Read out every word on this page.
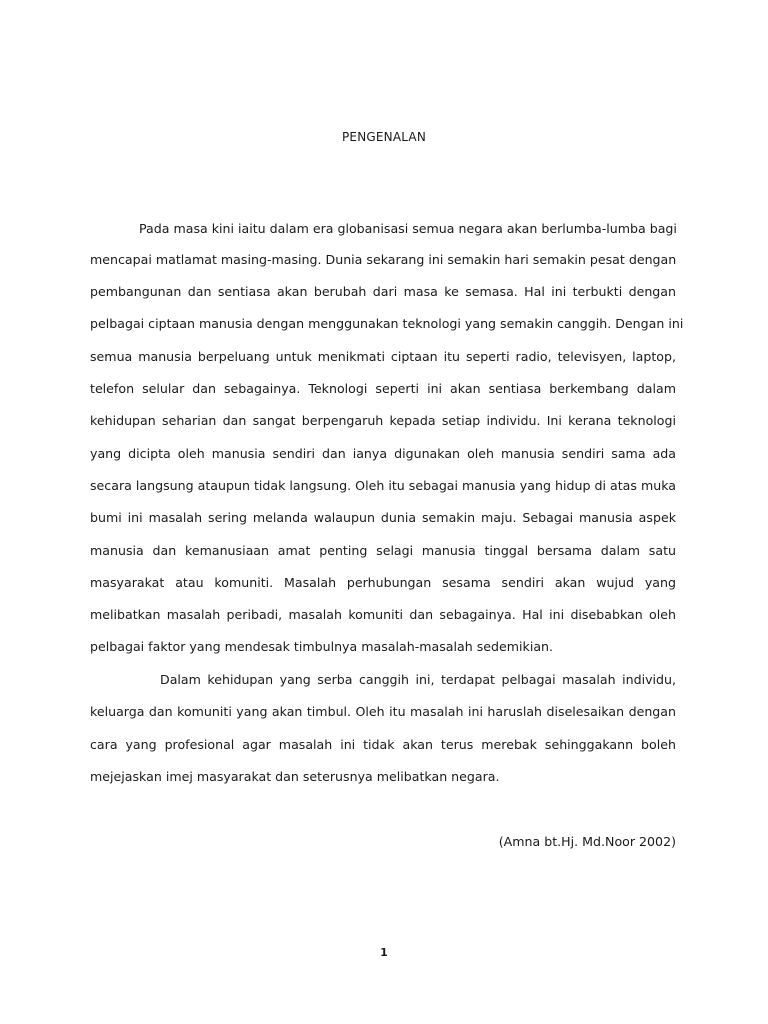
PENGENALAN
Pada masa kini iaitu dalam era globanisasi semua negara akan berlumba-lumba bagi
mencapai matlamat masing-masing. Dunia sekarang ini semakin hari semakin pesat dengan
pembangunan dan sentiasa akan berubah dari masa ke semasa. Hal ini terbukti dengan
pelbagai ciptaan manusia dengan menggunakan teknologi yang semakin canggih. Dengan ini
semua manusia berpeluang untuk menikmati ciptaan itu seperti radio, televisyen, laptop,
telefon selular dan sebagainya. Teknologi seperti ini akan sentiasa berkembang dalam
kehidupan seharian dan sangat berpengaruh kepada setiap individu. Ini kerana teknologi
yang dicipta oleh manusia sendiri dan ianya digunakan oleh manusia sendiri sama ada
secara langsung ataupun tidak langsung. Oleh itu sebagai manusia yang hidup di atas muka
bumi ini masalah sering melanda walaupun dunia semakin maju. Sebagai manusia aspek
manusia dan kemanusiaan amat penting selagi manusia tinggal bersama dalam satu
masyarakat atau komuniti. Masalah perhubungan sesama sendiri akan wujud yang
melibatkan masalah peribadi, masalah komuniti dan sebagainya. Hal ini disebabkan oleh
pelbagai faktor yang mendesak timbulnya masalah-masalah sedemikian.
Dalam kehidupan yang serba canggih ini, terdapat pelbagai masalah individu,
keluarga dan komuniti yang akan timbul. Oleh itu masalah ini haruslah diselesaikan dengan
cara yang profesional agar masalah ini tidak akan terus merebak sehinggakann boleh
mejejaskan imej masyarakat dan seterusnya melibatkan negara.
(Amna bt.Hj. Md.Noor 2002)
1
